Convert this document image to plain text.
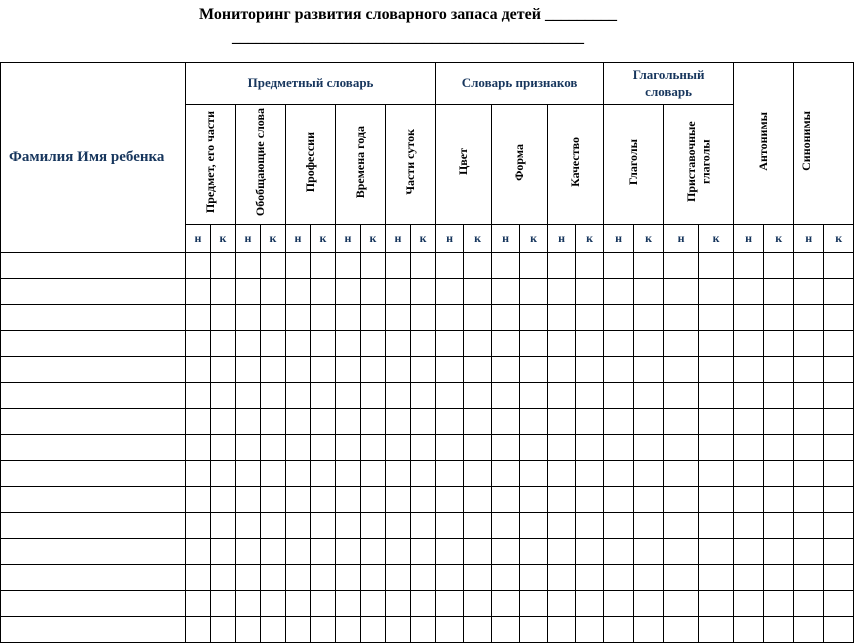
Мониторинг развития словарного запаса детей _________
____________________________________________
Фамилия Имя ребенка	Предметный словарь										Словарь признаков						Глагольный словарь				Антонимы		Синонимы	
	Предмет, его части		Обобщающие слова		Профессии		Времена года		Части суток		Цвет		Форма		Качество		Глаголы		Приставочные глаголы					
	н	к	н	к	н	к	н	к	н	к	н	к	н	к	н	к	н	к	н	к	н	к	н	к
